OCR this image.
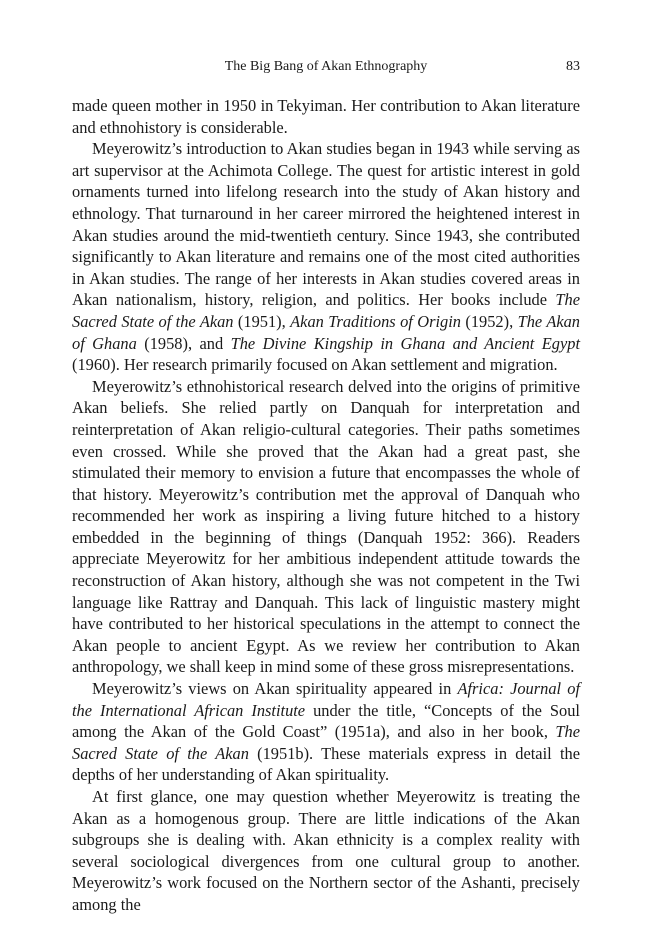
The Big Bang of Akan Ethnography	83

made queen mother in 1950 in Tekyiman. Her contribution to Akan literature and ethnohistory is considerable.

Meyerowitz’s introduction to Akan studies began in 1943 while serving as art supervisor at the Achimota College. The quest for artistic interest in gold ornaments turned into lifelong research into the study of Akan history and ethnology. That turnaround in her career mirrored the heightened interest in Akan studies around the mid-twentieth century. Since 1943, she contributed significantly to Akan literature and remains one of the most cited authorities in Akan studies. The range of her interests in Akan studies covered areas in Akan nationalism, history, religion, and politics. Her books include The Sacred State of the Akan (1951), Akan Traditions of Origin (1952), The Akan of Ghana (1958), and The Divine Kingship in Ghana and Ancient Egypt (1960). Her research primarily focused on Akan settlement and migration.

Meyerowitz’s ethnohistorical research delved into the origins of primitive Akan beliefs. She relied partly on Danquah for interpretation and reinterpretation of Akan religio-cultural categories. Their paths sometimes even crossed. While she proved that the Akan had a great past, she stimulated their memory to envision a future that encompasses the whole of that history. Meyerowitz’s contribution met the approval of Danquah who recommended her work as inspiring a living future hitched to a history embedded in the beginning of things (Danquah 1952: 366). Readers appreciate Meyerowitz for her ambitious independent attitude towards the reconstruction of Akan history, although she was not competent in the Twi language like Rattray and Danquah. This lack of linguistic mastery might have contributed to her historical speculations in the attempt to connect the Akan people to ancient Egypt. As we review her contribution to Akan anthropology, we shall keep in mind some of these gross misrepresentations.

Meyerowitz’s views on Akan spirituality appeared in Africa: Journal of the International African Institute under the title, “Concepts of the Soul among the Akan of the Gold Coast” (1951a), and also in her book, The Sacred State of the Akan (1951b). These materials express in detail the depths of her understanding of Akan spirituality.

At first glance, one may question whether Meyerowitz is treating the Akan as a homogenous group. There are little indications of the Akan subgroups she is dealing with. Akan ethnicity is a complex reality with several sociological divergences from one cultural group to another. Meyerowitz’s work focused on the Northern sector of the Ashanti, precisely among the
